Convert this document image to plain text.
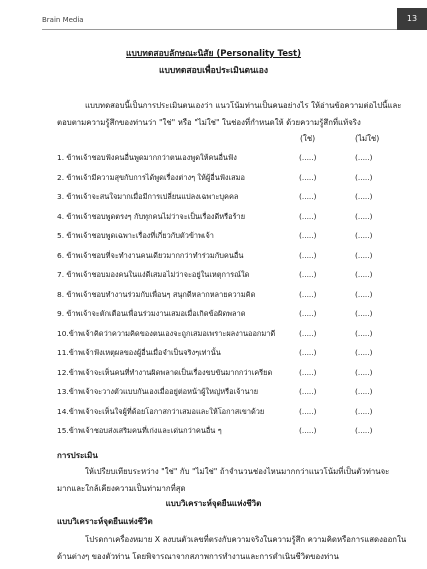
Brain Media	13
แบบทดสอบลักษณะนิสัย (Personality Test)
แบบทดสอบเพื่อประเมินตนเอง

แบบทดสอบนี้เป็นการประเมินตนเองว่า แนวโน้มท่านเป็นคนอย่างไร ให้อ่านข้อความต่อไปนี้และ

ตอบตามความรู้สึกของท่านว่า "ใช่" หรือ "ไม่ใช่" ในช่องที่กำหนดให้ ด้วยความรู้สึกที่แท้จริง

(ใช่)	(ไม่ใช่)
1. ข้าพเจ้าชอบฟังคนอื่นพูดมากกว่าตนเองพูดให้คนอื่นฟัง	(.....)	(.....)
2. ข้าพเจ้ามีความสุขกับการได้พูดเรื่องต่างๆ ให้ผู้อื่นฟังเสมอ	(.....)	(.....)
3. ข้าพเจ้าจะสนใจมากเมื่อมีการเปลี่ยนแปลงเฉพาะบุคคล	(.....)	(.....)
4. ข้าพเจ้าชอบพูดตรงๆ กับทุกคนไม่ว่าจะเป็นเรื่องดีหรือร้าย	(.....)	(.....)
5. ข้าพเจ้าชอบพูดเฉพาะเรื่องที่เกี่ยวกับตัวข้าพเจ้า	(.....)	(.....)
6. ข้าพเจ้าชอบที่จะทำงานคนเดียวมากกว่าทำร่วมกับคนอื่น	(.....)	(.....)
7. ข้าพเจ้าชอบมองคนในแง่ดีเสมอไม่ว่าจะอยู่ในเหตุการณ์ใด	(.....)	(.....)
8. ข้าพเจ้าชอบทำงานร่วมกับเพื่อนๆ สนุกดีหลากหลายความคิด	(.....)	(.....)
9. ข้าพเจ้าจะตักเตือนเพื่อนร่วมงานเสมอเมื่อเกิดข้อผิดพลาด	(.....)	(.....)
10.ข้าพเจ้าคิดว่าความคิดของตนเองจะถูกเสมอเพราะผลงานออกมาดี	(.....)	(.....)
11.ข้าพเจ้าฟังเหตุผลของผู้อื่นเมื่อจำเป็นจริงๆเท่านั้น	(.....)	(.....)
12.ข้าพเจ้าจะเห็นคนที่ทำงานผิดพลาดเป็นเรื่องขบขันมากกว่าเครียด	(.....)	(.....)
13.ข้าพเจ้าจะวางตัวแบบกันเองเมื่ออยู่ต่อหน้าผู้ใหญ่หรือเจ้านาย	(.....)	(.....)
14.ข้าพเจ้าจะเห็นใจผู้ที่ด้อยโอกาสกว่าเสมอและให้โอกาสเขาด้วย	(.....)	(.....)
15.ข้าพเจ้าชอบส่งเสริมคนที่เก่งและเด่นกว่าคนอื่น ๆ	(.....)	(.....)
การประเมิน

ให้เปรียบเทียบระหว่าง "ใช่" กับ "ไม่ใช่" ถ้าจำนวนช่องไหนมากกว่าแนวโน้มที่เป็นตัวท่านจะ

มากและใกล้เคียงความเป็นท่ามากที่สุด

แบบวิเคราะห์จุดยืนแห่งชีวิต
แบบวิเคราะห์จุดยืนแห่งชีวิต

โปรดกาเครื่องหมาย X ลงบนตัวเลขที่ตรงกับความจริงในความรู้สึก ความคิดหรือการแสดงออกใน

ด้านต่างๆ ของตัวท่าน โดยพิจารณาจากสภาพการทำงานและการดำเนินชีวิตของท่าน
